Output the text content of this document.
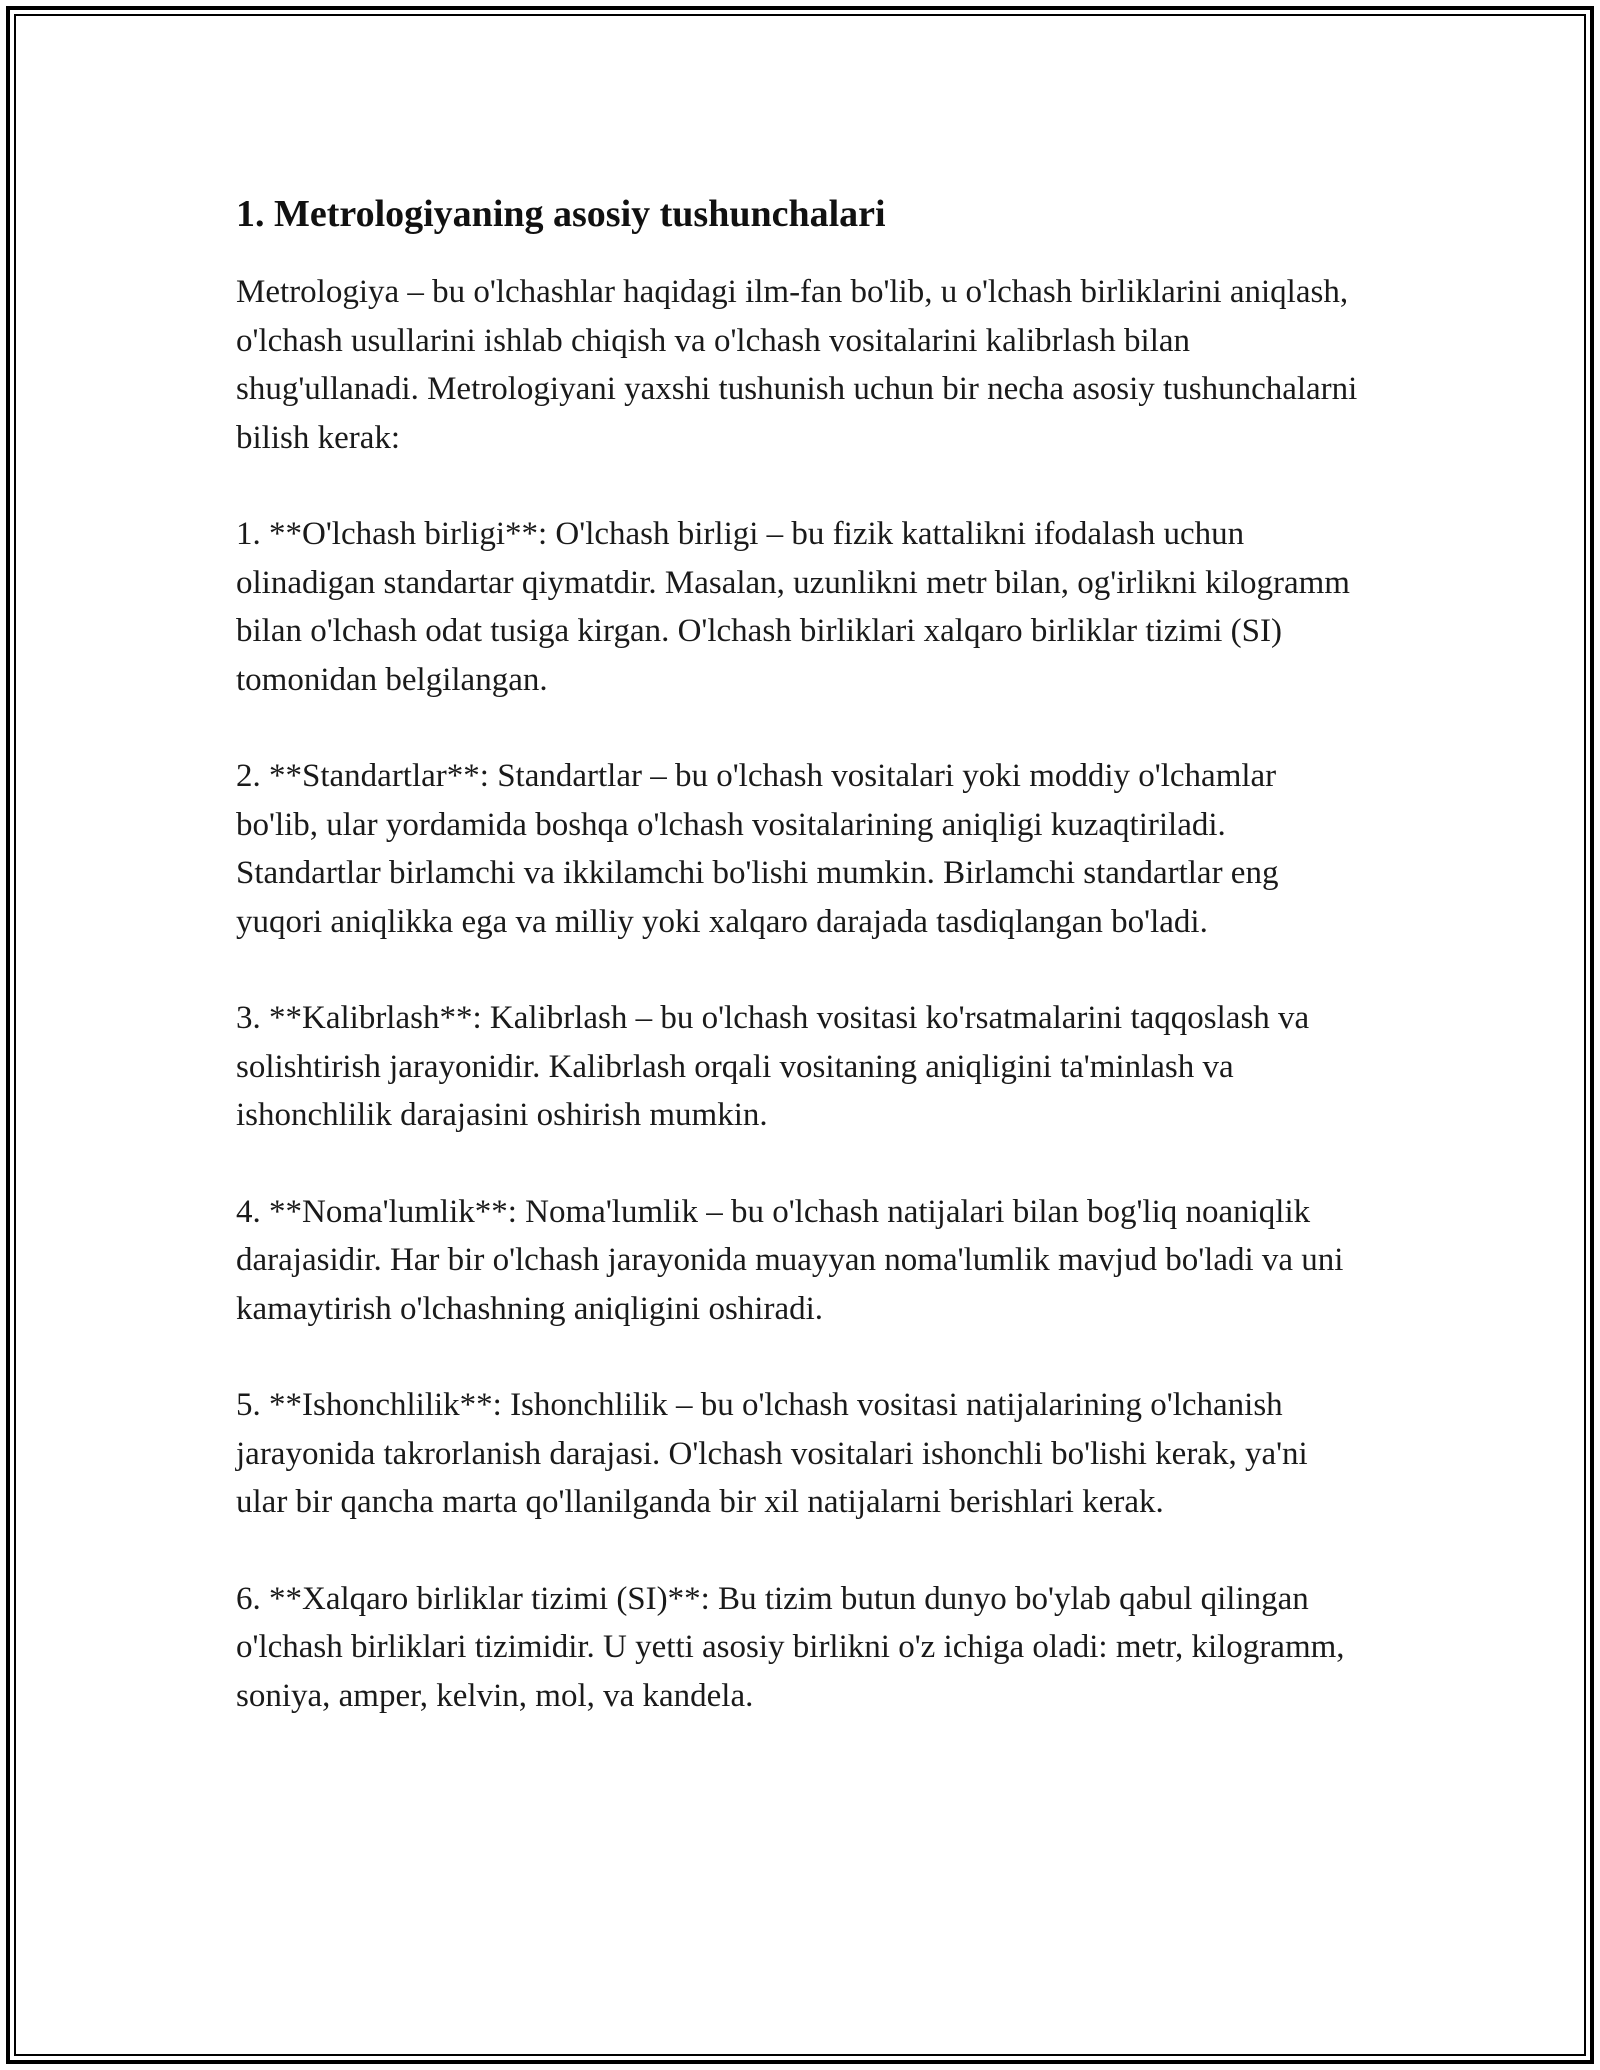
1. Metrologiyaning asosiy tushunchalari

Metrologiya – bu o'lchashlar haqidagi ilm-fan bo'lib, u o'lchash birliklarini aniqlash, o'lchash usullarini ishlab chiqish va o'lchash vositalarini kalibrlash bilan shug'ullanadi. Metrologiyani yaxshi tushunish uchun bir necha asosiy tushunchalarni bilish kerak:

1. **O'lchash birligi**: O'lchash birligi – bu fizik kattalikni ifodalash uchun olinadigan standartar qiymatdir. Masalan, uzunlikni metr bilan, og'irlikni kilogramm bilan o'lchash odat tusiga kirgan. O'lchash birliklari xalqaro birliklar tizimi (SI) tomonidan belgilangan.

2. **Standartlar**: Standartlar – bu o'lchash vositalari yoki moddiy o'lchamlar bo'lib, ular yordamida boshqa o'lchash vositalarining aniqligi kuzaqtiriladi. Standartlar birlamchi va ikkilamchi bo'lishi mumkin. Birlamchi standartlar eng yuqori aniqlikka ega va milliy yoki xalqaro darajada tasdiqlangan bo'ladi.

3. **Kalibrlash**: Kalibrlash – bu o'lchash vositasi ko'rsatmalarini taqqoslash va solishtirish jarayonidir. Kalibrlash orqali vositaning aniqligini ta'minlash va ishonchlilik darajasini oshirish mumkin.

4. **Noma'lumlik**: Noma'lumlik – bu o'lchash natijalari bilan bog'liq noaniqlik darajasidir. Har bir o'lchash jarayonida muayyan noma'lumlik mavjud bo'ladi va uni kamaytirish o'lchashning aniqligini oshiradi.

5. **Ishonchlilik**: Ishonchlilik – bu o'lchash vositasi natijalarining o'lchanish jarayonida takrorlanish darajasi. O'lchash vositalari ishonchli bo'lishi kerak, ya'ni ular bir qancha marta qo'llanilganda bir xil natijalarni berishlari kerak.

6. **Xalqaro birliklar tizimi (SI)**: Bu tizim butun dunyo bo'ylab qabul qilingan o'lchash birliklari tizimidir. U yetti asosiy birlikni o'z ichiga oladi: metr, kilogramm, soniya, amper, kelvin, mol, va kandela.
